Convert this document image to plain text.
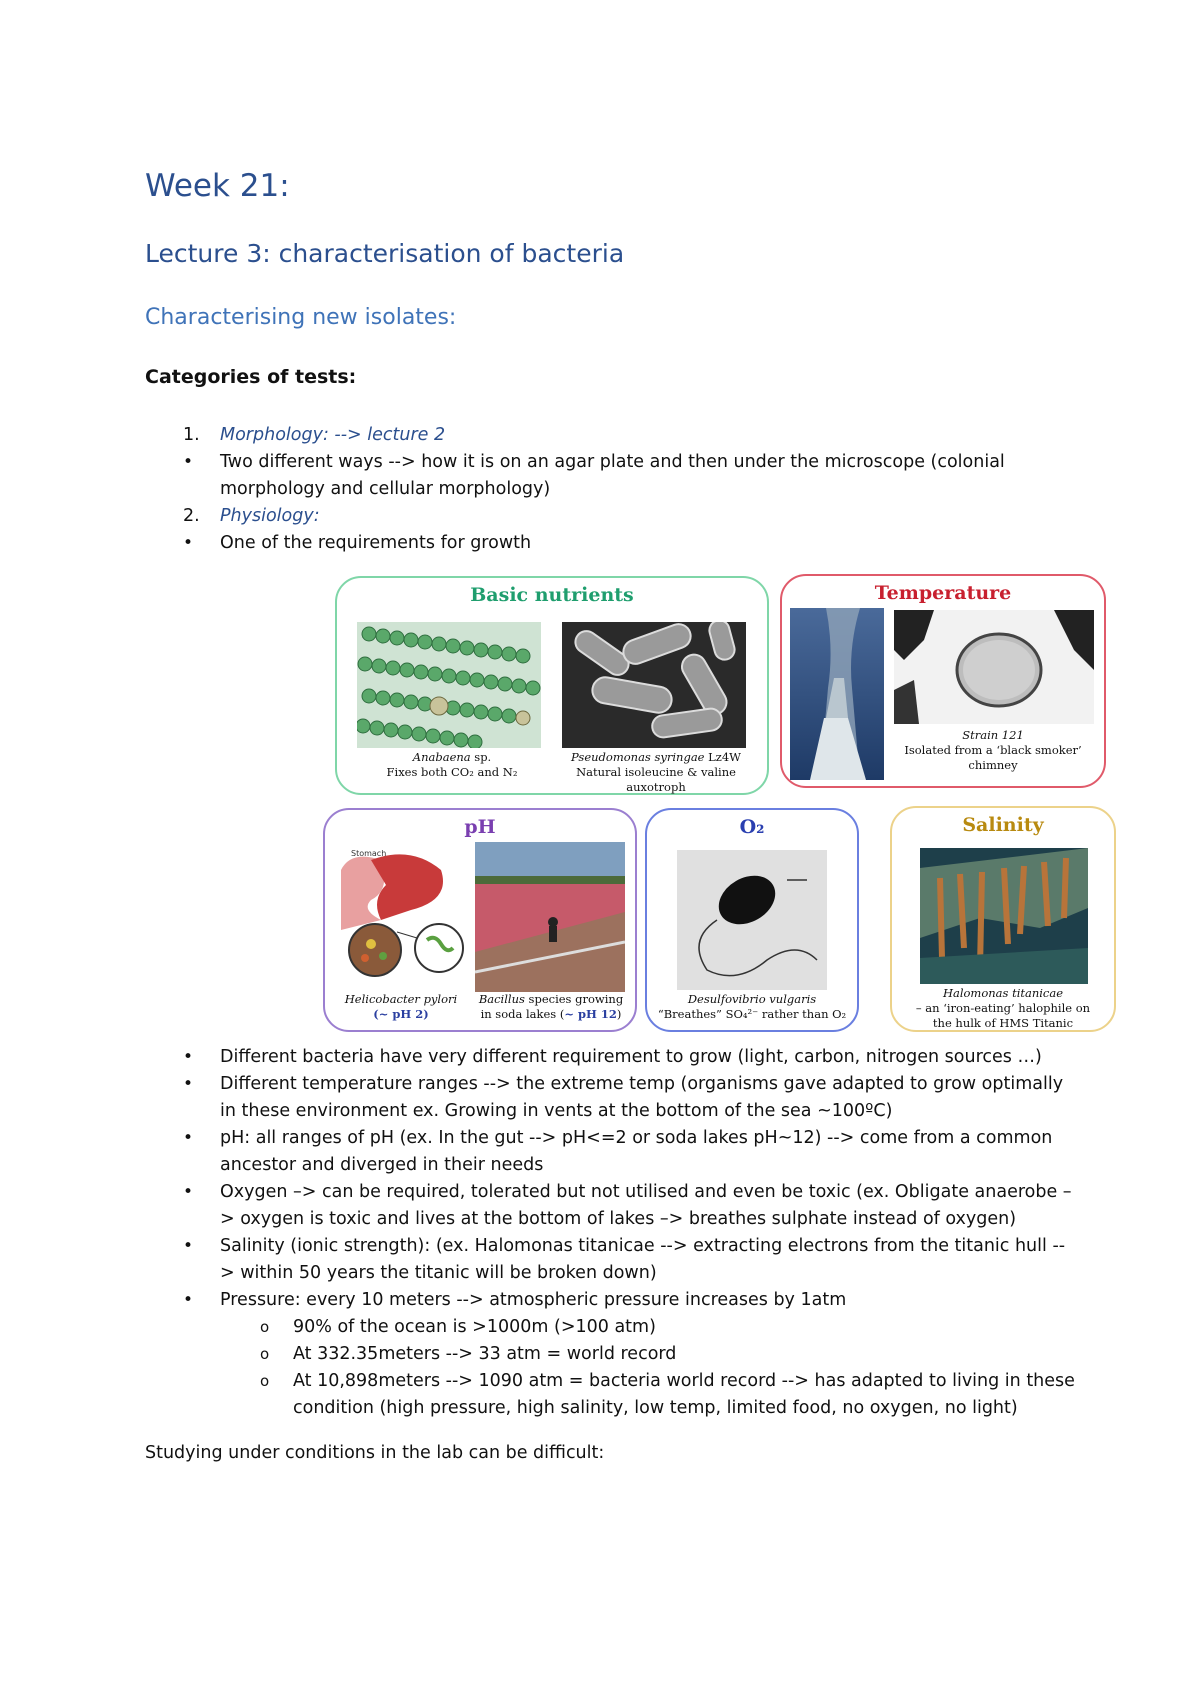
Week 21:
Lecture 3: characterisation of bacteria
Characterising new isolates:
Categories of tests:
1. Morphology: --> lecture 2
• Two different ways --> how it is on an agar plate and then under the microscope (colonial morphology and cellular morphology)
2. Physiology:
• One of the requirements for growth
Basic nutrients
Anabaena sp.
Fixes both CO₂ and N₂
Pseudomonas syringae Lz4W
Natural isoleucine & valine auxotroph
Temperature
Strain 121
Isolated from a ‘black smoker’
chimney
pH
Stomach
Helicobacter pylori
(~ pH 2)
Bacillus species growing
in soda lakes (~ pH 12)
O₂
Desulfovibrio vulgaris
“Breathes” SO₄²⁻ rather than O₂
Salinity
Halomonas titanicae
– an ‘iron-eating’ halophile on
the hulk of HMS Titanic
• Different bacteria have very different requirement to grow (light, carbon, nitrogen sources …)
• Different temperature ranges --> the extreme temp (organisms gave adapted to grow optimally in these environment ex. Growing in vents at the bottom of the sea ~100ºC)
• pH: all ranges of pH (ex. In the gut --> pH<=2 or soda lakes pH~12) --> come from a common ancestor and diverged in their needs
• Oxygen –> can be required, tolerated but not utilised and even be toxic (ex. Obligate anaerobe –> oxygen is toxic and lives at the bottom of lakes –> breathes sulphate instead of oxygen)
• Salinity (ionic strength): (ex. Halomonas titanicae --> extracting electrons from the titanic hull --> within 50 years the titanic will be broken down)
• Pressure: every 10 meters --> atmospheric pressure increases by 1atm
o 90% of the ocean is >1000m (>100 atm)
o At 332.35meters --> 33 atm = world record
o At 10,898meters --> 1090 atm = bacteria world record --> has adapted to living in these condition (high pressure, high salinity, low temp, limited food, no oxygen, no light)
Studying under conditions in the lab can be difficult:
